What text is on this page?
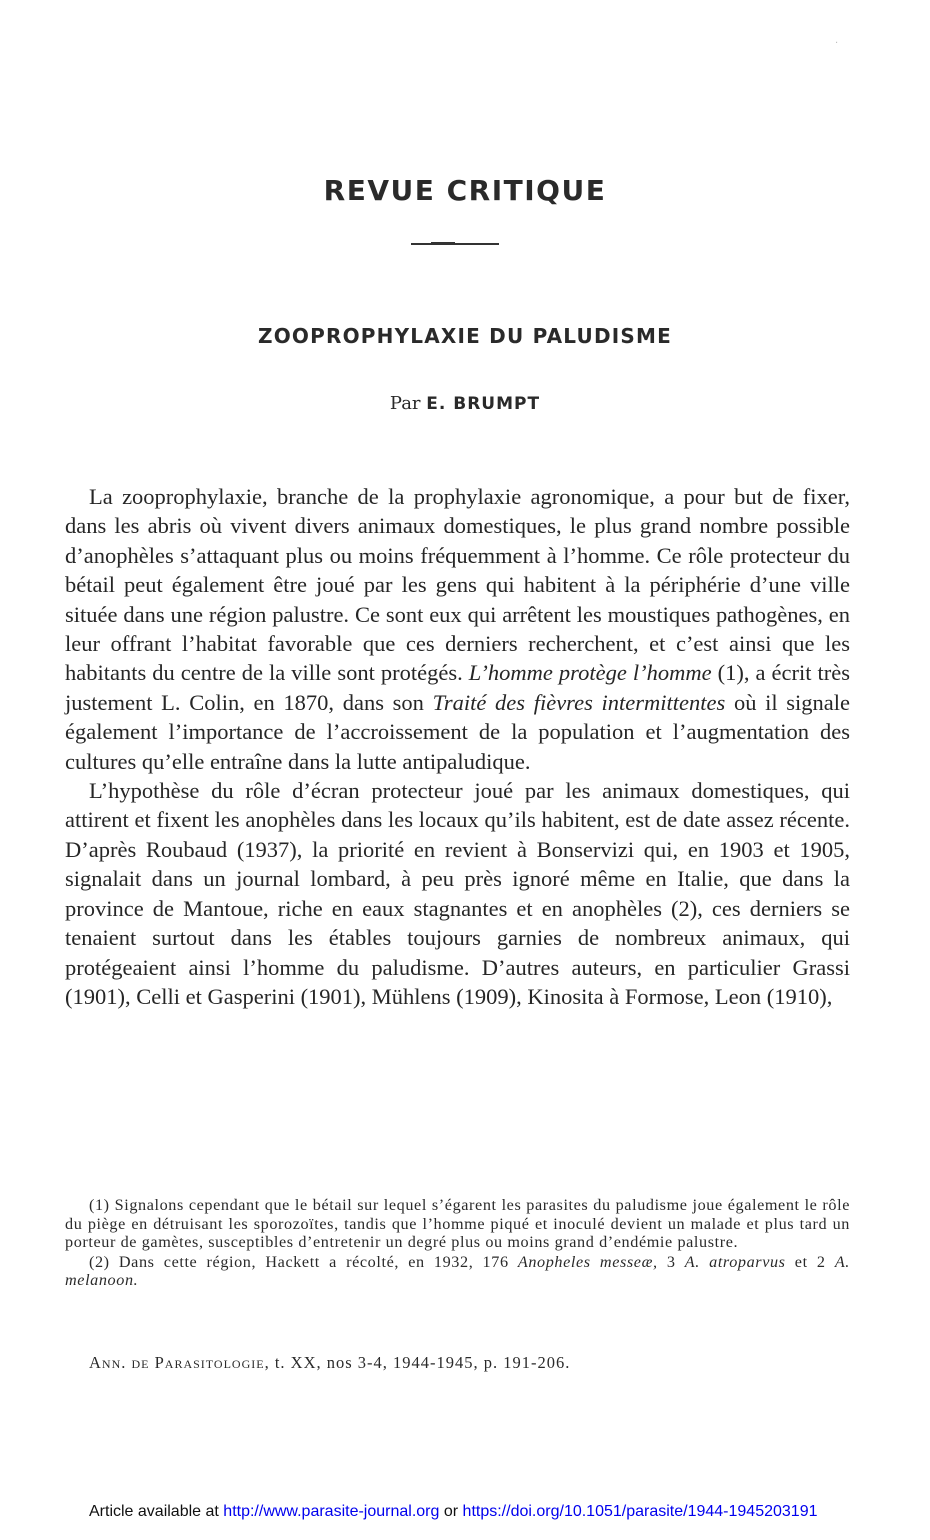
·
REVUE CRITIQUE
ZOOPROPHYLAXIE DU PALUDISME
Par E. BRUMPT

La zooprophylaxie, branche de la prophylaxie agronomique, a pour but de fixer, dans les abris où vivent divers animaux domestiques, le plus grand nombre possible d’anophèles s’attaquant plus ou moins fréquemment à l’homme. Ce rôle protecteur du bétail peut également être joué par les gens qui habitent à la périphérie d’une ville située dans une région palustre. Ce sont eux qui arrêtent les moustiques pathogènes, en leur offrant l’habitat favorable que ces derniers recherchent, et c’est ainsi que les habitants du centre de la ville sont protégés. L’homme protège l’homme (1), a écrit très justement L. Colin, en 1870, dans son Traité des fièvres intermittentes où il signale également l’importance de l’accroissement de la population et l’augmentation des cultures qu’elle entraîne dans la lutte antipaludique.

L’hypothèse du rôle d’écran protecteur joué par les animaux domestiques, qui attirent et fixent les anophèles dans les locaux qu’ils habitent, est de date assez récente. D’après Roubaud (1937), la priorité en revient à Bonservizi qui, en 1903 et 1905, signalait dans un journal lombard, à peu près ignoré même en Italie, que dans la province de Mantoue, riche en eaux stagnantes et en anophèles (2), ces derniers se tenaient surtout dans les étables toujours garnies de nombreux animaux, qui protégeaient ainsi l’homme du paludisme. D’autres auteurs, en particulier Grassi (1901), Celli et Gasperini (1901), Mühlens (1909), Kinosita à Formose, Leon (1910),

(1) Signalons cependant que le bétail sur lequel s’égarent les parasites du paludisme joue également le rôle du piège en détruisant les sporozoïtes, tandis que l’homme piqué et inoculé devient un malade et plus tard un porteur de gamètes, susceptibles d’entretenir un degré plus ou moins grand d’endémie palustre.

(2) Dans cette région, Hackett a récolté, en 1932, 176 Anopheles messeæ, 3 A. atroparvus et 2 A. melanoon.

Ann. de Parasitologie, t. XX, nos 3-4, 1944-1945, p. 191-206.
Article available at http://www.parasite-journal.org or https://doi.org/10.1051/parasite/1944-1945203191
